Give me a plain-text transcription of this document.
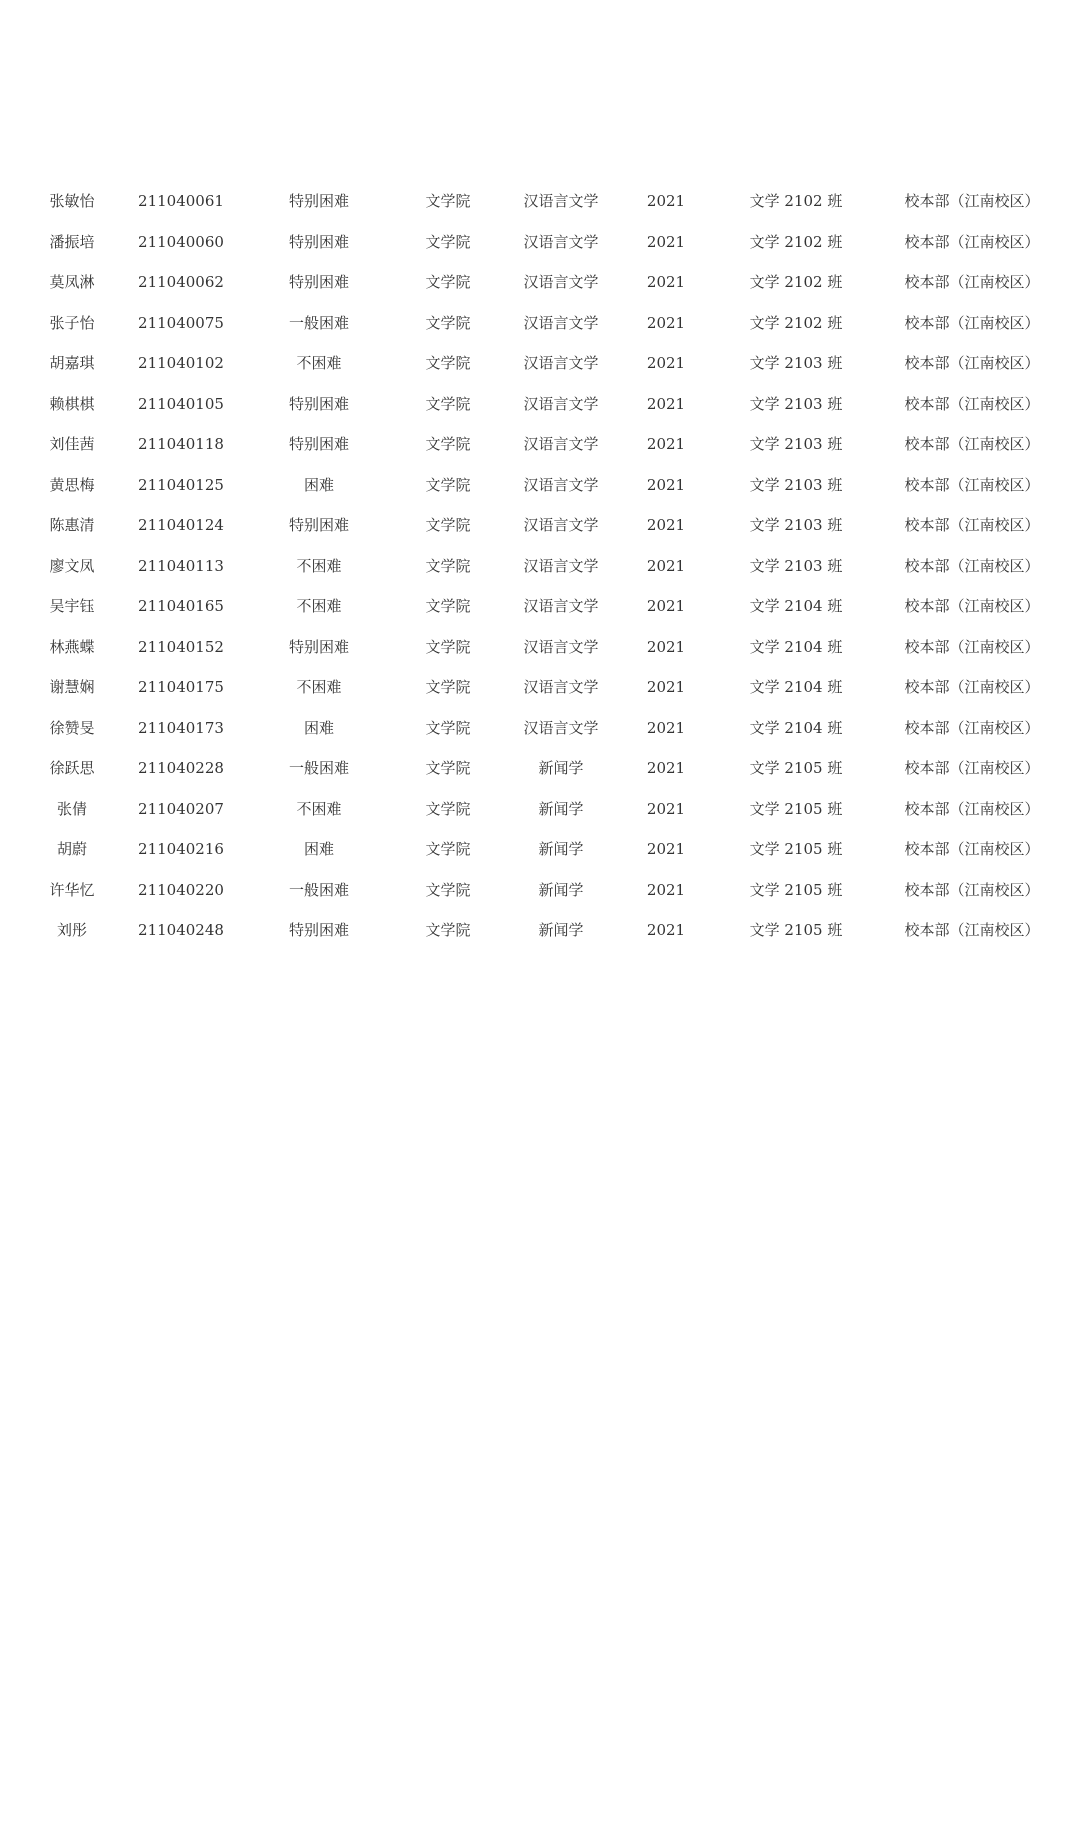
张敏怡	211040061	特别困难	文学院	汉语言文学	2021	文学 2102 班	校本部（江南校区）
潘振培	211040060	特别困难	文学院	汉语言文学	2021	文学 2102 班	校本部（江南校区）
莫凤淋	211040062	特别困难	文学院	汉语言文学	2021	文学 2102 班	校本部（江南校区）
张子怡	211040075	一般困难	文学院	汉语言文学	2021	文学 2102 班	校本部（江南校区）
胡嘉琪	211040102	不困难	文学院	汉语言文学	2021	文学 2103 班	校本部（江南校区）
赖棋棋	211040105	特别困难	文学院	汉语言文学	2021	文学 2103 班	校本部（江南校区）
刘佳茜	211040118	特别困难	文学院	汉语言文学	2021	文学 2103 班	校本部（江南校区）
黄思梅	211040125	困难	文学院	汉语言文学	2021	文学 2103 班	校本部（江南校区）
陈惠清	211040124	特别困难	文学院	汉语言文学	2021	文学 2103 班	校本部（江南校区）
廖文凤	211040113	不困难	文学院	汉语言文学	2021	文学 2103 班	校本部（江南校区）
吴宇钰	211040165	不困难	文学院	汉语言文学	2021	文学 2104 班	校本部（江南校区）
林燕蝶	211040152	特别困难	文学院	汉语言文学	2021	文学 2104 班	校本部（江南校区）
谢慧娴	211040175	不困难	文学院	汉语言文学	2021	文学 2104 班	校本部（江南校区）
徐赞旻	211040173	困难	文学院	汉语言文学	2021	文学 2104 班	校本部（江南校区）
徐跃思	211040228	一般困难	文学院	新闻学	2021	文学 2105 班	校本部（江南校区）
张倩	211040207	不困难	文学院	新闻学	2021	文学 2105 班	校本部（江南校区）
胡蔚	211040216	困难	文学院	新闻学	2021	文学 2105 班	校本部（江南校区）
许华忆	211040220	一般困难	文学院	新闻学	2021	文学 2105 班	校本部（江南校区）
刘彤	211040248	特别困难	文学院	新闻学	2021	文学 2105 班	校本部（江南校区）
